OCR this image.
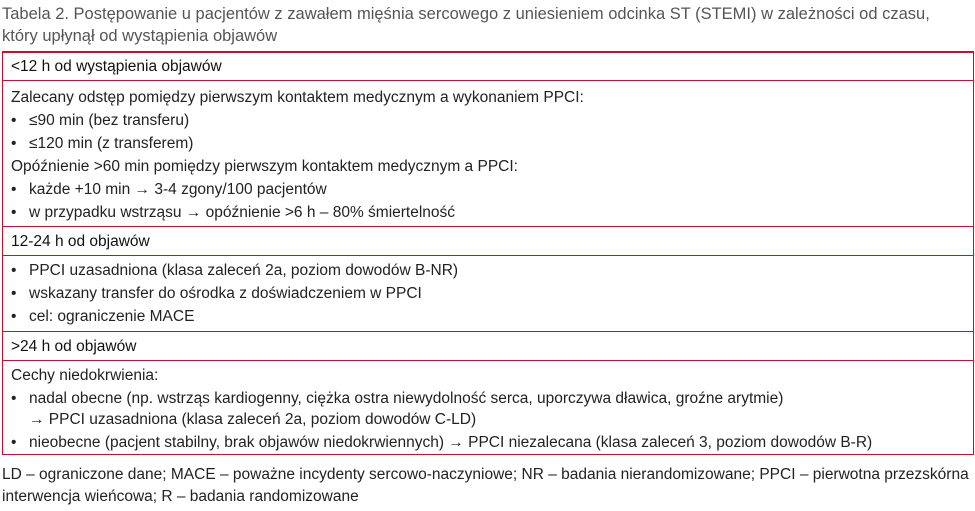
Tabela 2. Postępowanie u pacjentów z zawałem mięśnia sercowego z uniesieniem odcinka ST (STEMI) w zależności od czasu, który upłynął od wystąpienia objawów
<12 h od wystąpienia objawów
Zalecany odstęp pomiędzy pierwszym kontaktem medycznym a wykonaniem PPCI:
• ≤90 min (bez transferu)
• ≤120 min (z transferem)
Opóźnienie >60 min pomiędzy pierwszym kontaktem medycznym a PPCI:
• każde +10 min → 3-4 zgony/100 pacjentów
• w przypadku wstrząsu → opóźnienie >6 h – 80% śmiertelność
12-24 h od objawów
• PPCI uzasadniona (klasa zaleceń 2a, poziom dowodów B-NR)
• wskazany transfer do ośrodka z doświadczeniem w PPCI
• cel: ograniczenie MACE
>24 h od objawów
Cechy niedokrwienia:
• nadal obecne (np. wstrząs kardiogenny, ciężka ostra niewydolność serca, uporczywa dławica, groźne arytmie)
→ PPCI uzasadniona (klasa zaleceń 2a, poziom dowodów C-LD)
• nieobecne (pacjent stabilny, brak objawów niedokrwiennych) → PPCI niezalecana (klasa zaleceń 3, poziom dowodów B-R)
LD – ograniczone dane; MACE – poważne incydenty sercowo-naczyniowe; NR – badania nierandomizowane; PPCI – pierwotna przezskórna interwencja wieńcowa; R – badania randomizowane
